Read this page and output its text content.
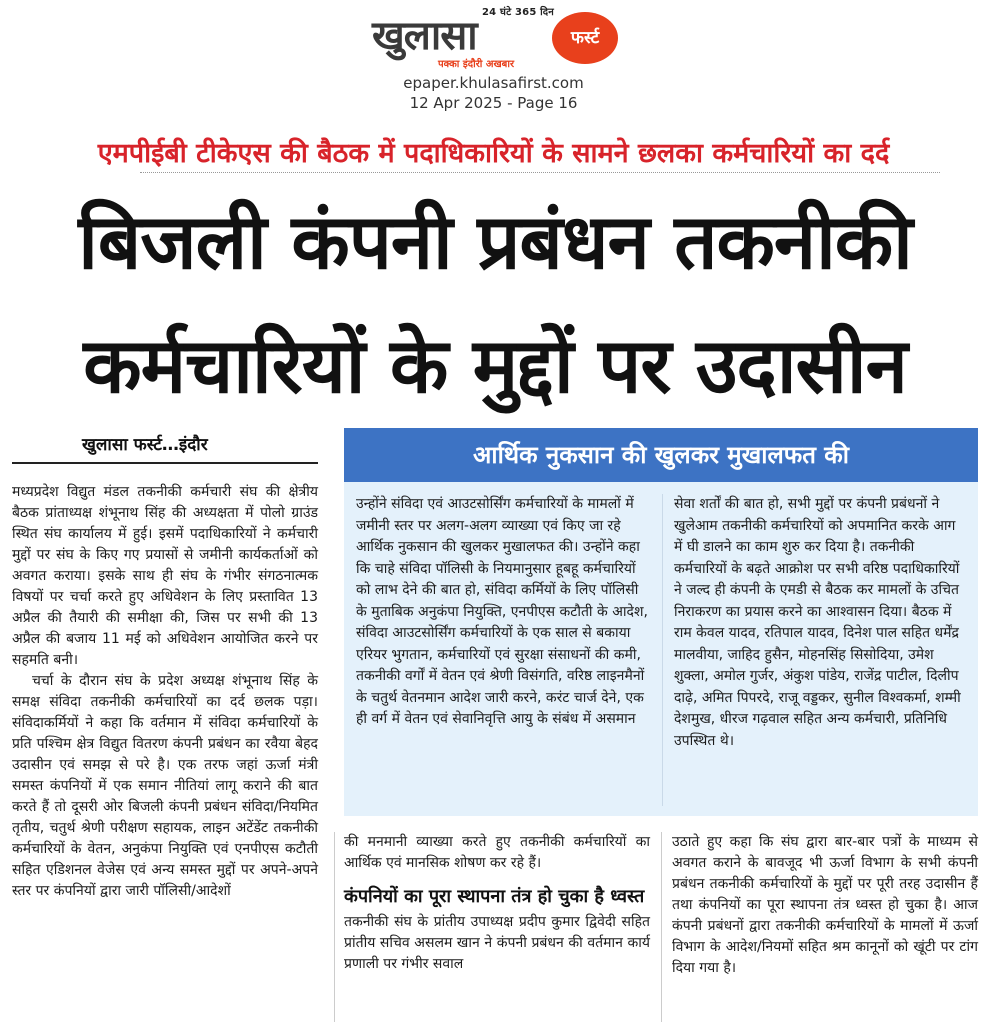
24 घंटे 365 दिन
खुलासा	फर्स्ट
पक्का इंदौरी अखबार
epaper.khulasafirst.com
12 Apr 2025 - Page 16
एमपीईबी टीकेएस की बैठक में पदाधिकारियों के सामने छलका कर्मचारियों का दर्द
बिजली कंपनी प्रबंधन तकनीकी
कर्मचारियों के मुद्दों पर उदासीन
खुलासा फर्स्ट…इंदौर

मध्यप्रदेश विद्युत मंडल तकनीकी कर्मचारी संघ की क्षेत्रीय बैठक प्रांताध्यक्ष शंभूनाथ सिंह की अध्यक्षता में पोलो ग्राउंड स्थित संघ कार्यालय में हुई। इसमें पदाधिकारियों ने कर्मचारी मुद्दों पर संघ के किए गए प्रयासों से जमीनी कार्यकर्ताओं को अवगत कराया। इसके साथ ही संघ के गंभीर संगठनात्मक विषयों पर चर्चा करते हुए अधिवेशन के लिए प्रस्तावित 13 अप्रैल की तैयारी की समीक्षा की, जिस पर सभी की 13 अप्रैल की बजाय 11 मई को अधिवेशन आयोजित करने पर सहमति बनी।

चर्चा के दौरान संघ के प्रदेश अध्यक्ष शंभूनाथ सिंह के समक्ष संविदा तकनीकी कर्मचारियों का दर्द छलक पड़ा। संविदाकर्मियों ने कहा कि वर्तमान में संविदा कर्मचारियों के प्रति पश्चिम क्षेत्र विद्युत वितरण कंपनी प्रबंधन का रवैया बेहद उदासीन एवं समझ से परे है। एक तरफ जहां ऊर्जा मंत्री समस्त कंपनियों में एक समान नीतियां लागू कराने की बात करते हैं तो दूसरी ओर बिजली कंपनी प्रबंधन संविदा/नियमित तृतीय, चतुर्थ श्रेणी परीक्षण सहायक, लाइन अटेंडेंट तकनीकी कर्मचारियों के वेतन, अनुकंपा नियुक्ति एवं एनपीएस कटौती सहित एडिशनल वेजेस एवं अन्य समस्त मुद्दों पर अपने-अपने स्तर पर कंपनियों द्वारा जारी पॉलिसी/आदेशों

आर्थिक नुकसान की खुलकर मुखालफत की
उन्होंने संविदा एवं आउटसोर्सिंग कर्मचारियों के मामलों में जमीनी स्तर पर अलग-अलग व्याख्या एवं किए जा रहे आर्थिक नुकसान की खुलकर मुखालफत की। उन्होंने कहा कि चाहे संविदा पॉलिसी के नियमानुसार हूबहू कर्मचारियों को लाभ देने की बात हो, संविदा कर्मियों के लिए पॉलिसी के मुताबिक अनुकंपा नियुक्ति, एनपीएस कटौती के आदेश, संविदा आउटसोर्सिंग कर्मचारियों के एक साल से बकाया एरियर भुगतान, कर्मचारियों एवं सुरक्षा संसाधनों की कमी, तकनीकी वर्गों में वेतन एवं श्रेणी विसंगति, वरिष्ठ लाइनमैनों के चतुर्थ वेतनमान आदेश जारी करने, करंट चार्ज देने, एक ही वर्ग में वेतन एवं सेवानिवृत्ति आयु के संबंध में असमान
सेवा शर्तों की बात हो, सभी मुद्दों पर कंपनी प्रबंधनों ने खुलेआम तकनीकी कर्मचारियों को अपमानित करके आग में घी डालने का काम शुरु कर दिया है। तकनीकी कर्मचारियों के बढ़ते आक्रोश पर सभी वरिष्ठ पदाधिकारियों ने जल्द ही कंपनी के एमडी से बैठक कर मामलों के उचित निराकरण का प्रयास करने का आश्वासन दिया। बैठक में राम केवल यादव, रतिपाल यादव, दिनेश पाल सहित धर्मेंद्र मालवीया, जाहिद हुसैन, मोहनसिंह सिसोदिया, उमेश शुक्ला, अमोल गुर्जर, अंकुश पांडेय, राजेंद्र पाटील, दिलीप दाढ़े, अमित पिपरदे, राजू वड्डकर, सुनील विश्वकर्मा, शम्मी देशमुख, धीरज गढ़वाल सहित अन्य कर्मचारी, प्रतिनिधि उपस्थित थे।

की मनमानी व्याख्या करते हुए तकनीकी कर्मचारियों का आर्थिक एवं मानसिक शोषण कर रहे हैं।

कंपनियों का पूरा स्थापना तंत्र हो चुका है ध्वस्त

तकनीकी संघ के प्रांतीय उपाध्यक्ष प्रदीप कुमार द्विवेदी सहित प्रांतीय सचिव असलम खान ने कंपनी प्रबंधन की वर्तमान कार्य प्रणाली पर गंभीर सवाल

उठाते हुए कहा कि संघ द्वारा बार-बार पत्रों के माध्यम से अवगत कराने के बावजूद भी ऊर्जा विभाग के सभी कंपनी प्रबंधन तकनीकी कर्मचारियों के मुद्दों पर पूरी तरह उदासीन हैं तथा कंपनियों का पूरा स्थापना तंत्र ध्वस्त हो चुका है। आज कंपनी प्रबंधनों द्वारा तकनीकी कर्मचारियों के मामलों में ऊर्जा विभाग के आदेश/नियमों सहित श्रम कानूनों को खूंटी पर टांग दिया गया है।
